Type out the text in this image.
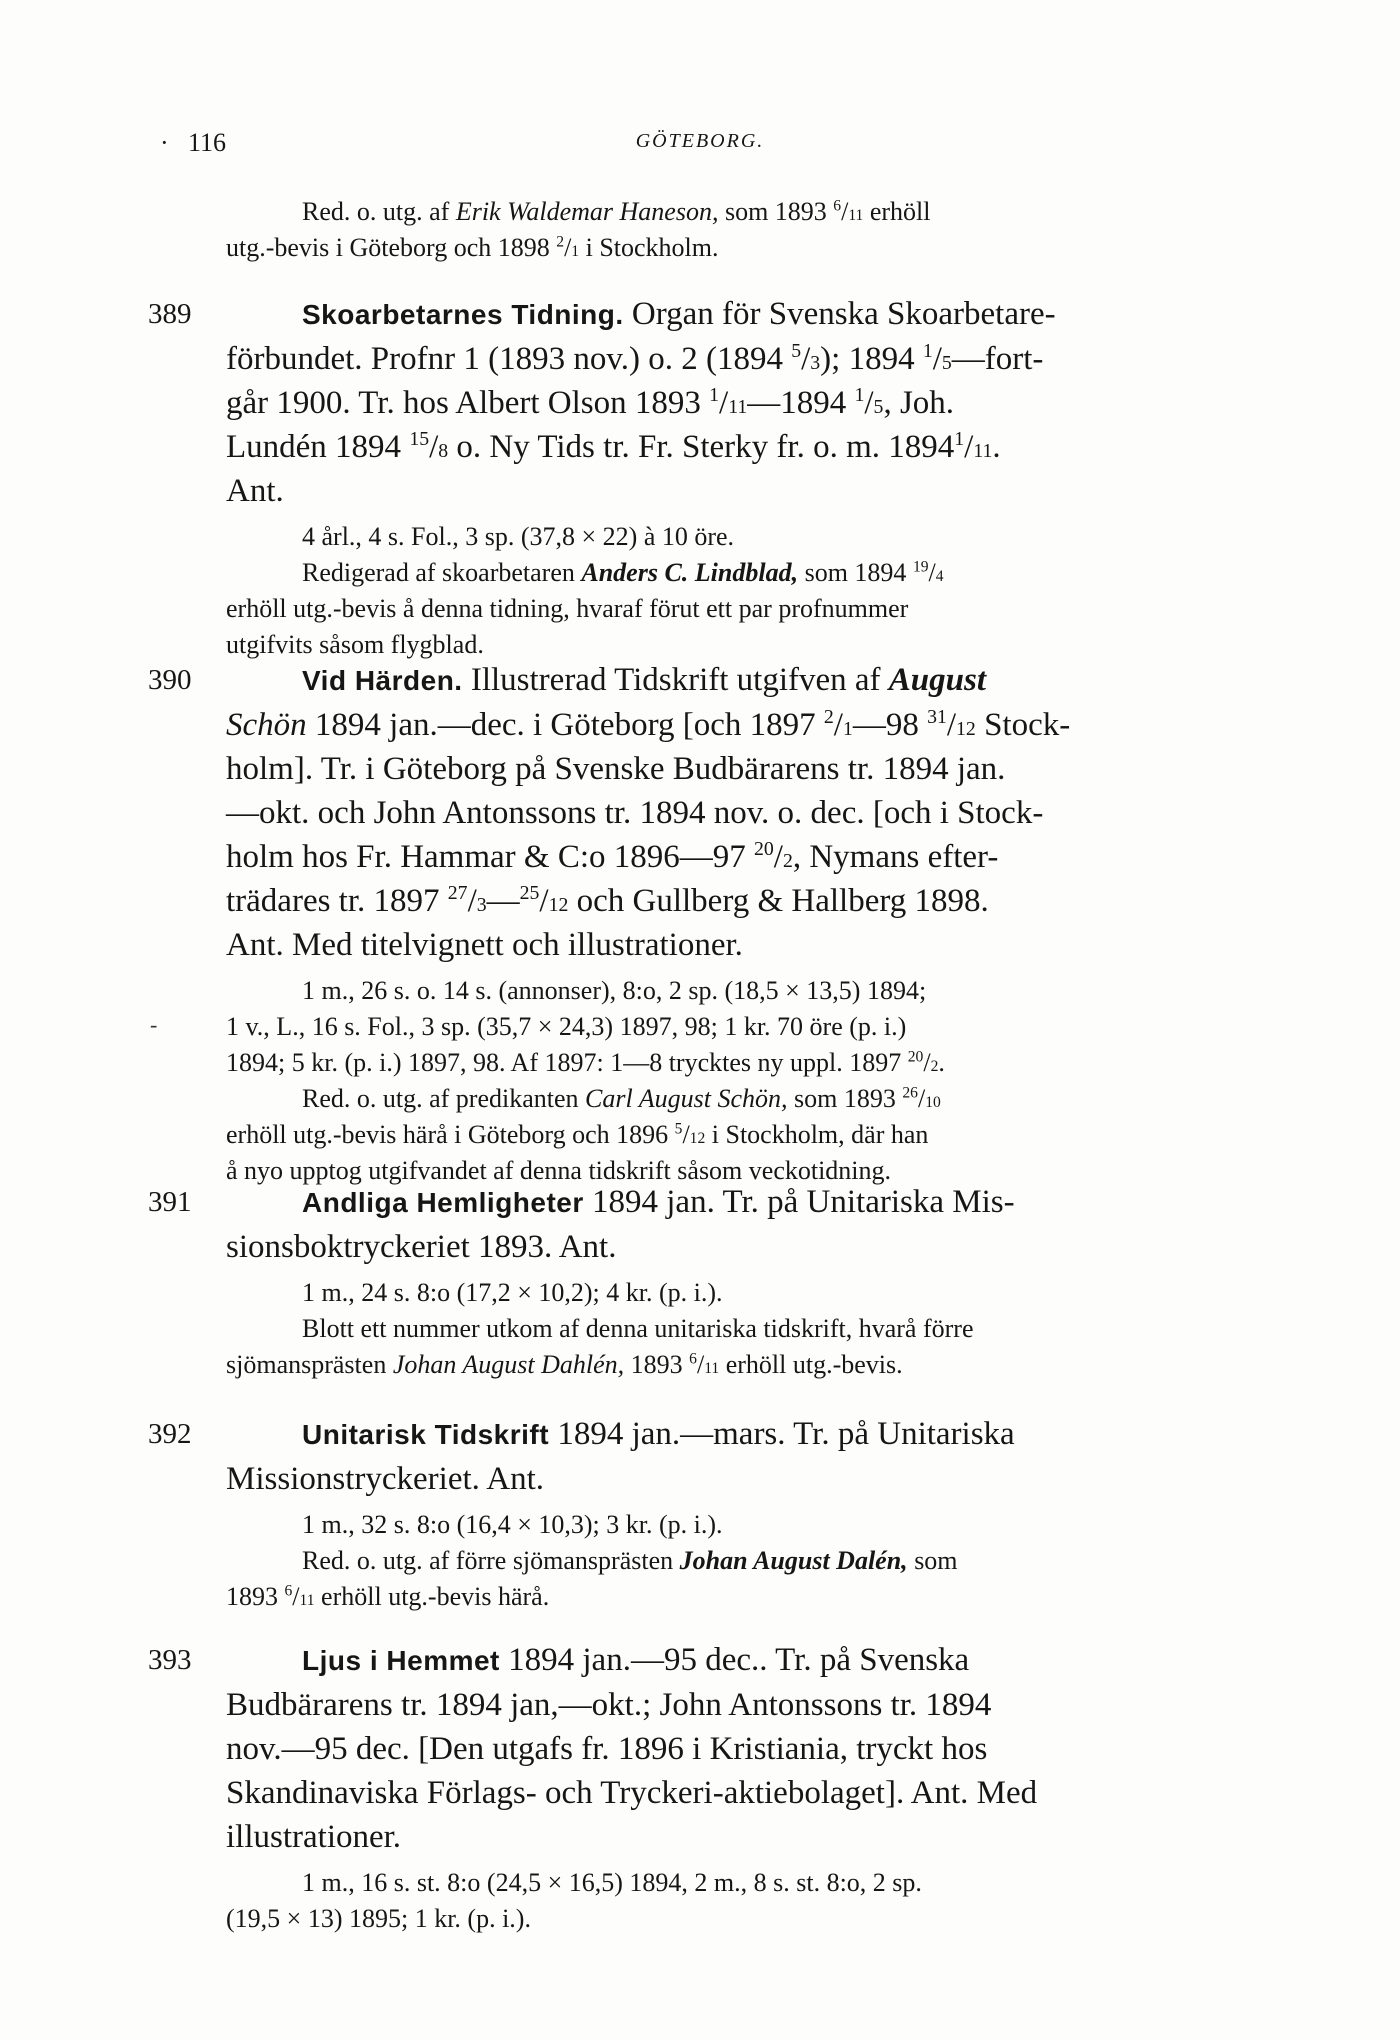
· 116	GÖTEBORG.
Red. o. utg. af Erik Waldemar Haneson, som 1893 $^6$/11 erhöll
utg.-bevis i Göteborg och 1898 $^2$/1 i Stockholm.
389	Skoarbetarnes Tidning. Organ för Svenska Skoarbetare-
förbundet. Profnr 1 (1893 nov.) o. 2 (1894 $^5$/3); 1894 $^1$/5—fort-
går 1900. Tr. hos Albert Olson 1893 $^1$/11—1894 $^1$/5, Joh.
Lundén 1894 $^{15}$/8 o. Ny Tids tr. Fr. Sterky fr. o. m. 1894$^1$/11.
Ant.
4 årl., 4 s. Fol., 3 sp. (37,8 × 22) à 10 öre.
Redigerad af skoarbetaren Anders C. Lindblad, som 1894 $^{19}$/4
erhöll utg.-bevis å denna tidning, hvaraf förut ett par profnummer
utgifvits såsom flygblad.
390	Vid Härden. Illustrerad Tidskrift utgifven af August
Schön 1894 jan.—dec. i Göteborg [och 1897 $^2$/1—98 $^{31}$/12 Stock-
holm]. Tr. i Göteborg på Svenske Budbärarens tr. 1894 jan.
—okt. och John Antonssons tr. 1894 nov. o. dec. [och i Stock-
holm hos Fr. Hammar & C:o 1896—97 $^{20}$/2, Nymans efter-
trädares tr. 1897 $^{27}$/3—$^{25}$/12 och Gullberg & Hallberg 1898.
Ant. Med titelvignett och illustrationer.
1 m., 26 s. o. 14 s. (annonser), 8:o, 2 sp. (18,5 × 13,5) 1894;
1 v., L., 16 s. Fol., 3 sp. (35,7 × 24,3) 1897, 98; 1 kr. 70 öre (p. i.)
1894; 5 kr. (p. i.) 1897, 98. Af 1897: 1—8 trycktes ny uppl. 1897 $^{20}$/2.
Red. o. utg. af predikanten Carl August Schön, som 1893 $^{26}$/10
erhöll utg.-bevis härå i Göteborg och 1896 $^5$/12 i Stockholm, där han
å nyo upptog utgifvandet af denna tidskrift såsom veckotidning.
391	Andliga Hemligheter 1894 jan. Tr. på Unitariska Mis-
sionsboktryckeriet 1893. Ant.
1 m., 24 s. 8:o (17,2 × 10,2); 4 kr. (p. i.).
Blott ett nummer utkom af denna unitariska tidskrift, hvarå förre
sjömansprästen Johan August Dahlén, 1893 $^6$/11 erhöll utg.-bevis.
392	Unitarisk Tidskrift 1894 jan.—mars. Tr. på Unitariska
Missionstryckeriet. Ant.
1 m., 32 s. 8:o (16,4 × 10,3); 3 kr. (p. i.).
Red. o. utg. af förre sjömansprästen Johan August Dalén, som
1893 $^6$/11 erhöll utg.-bevis härå.
393	Ljus i Hemmet 1894 jan.—95 dec.. Tr. på Svenska
Budbärarens tr. 1894 jan,—okt.; John Antonssons tr. 1894
nov.—95 dec. [Den utgafs fr. 1896 i Kristiania, tryckt hos
Skandinaviska Förlags- och Tryckeri-aktiebolaget]. Ant. Med
illustrationer.
1 m., 16 s. st. 8:o (24,5 × 16,5) 1894, 2 m., 8 s. st. 8:o, 2 sp.
(19,5 × 13) 1895; 1 kr. (p. i.).
-
